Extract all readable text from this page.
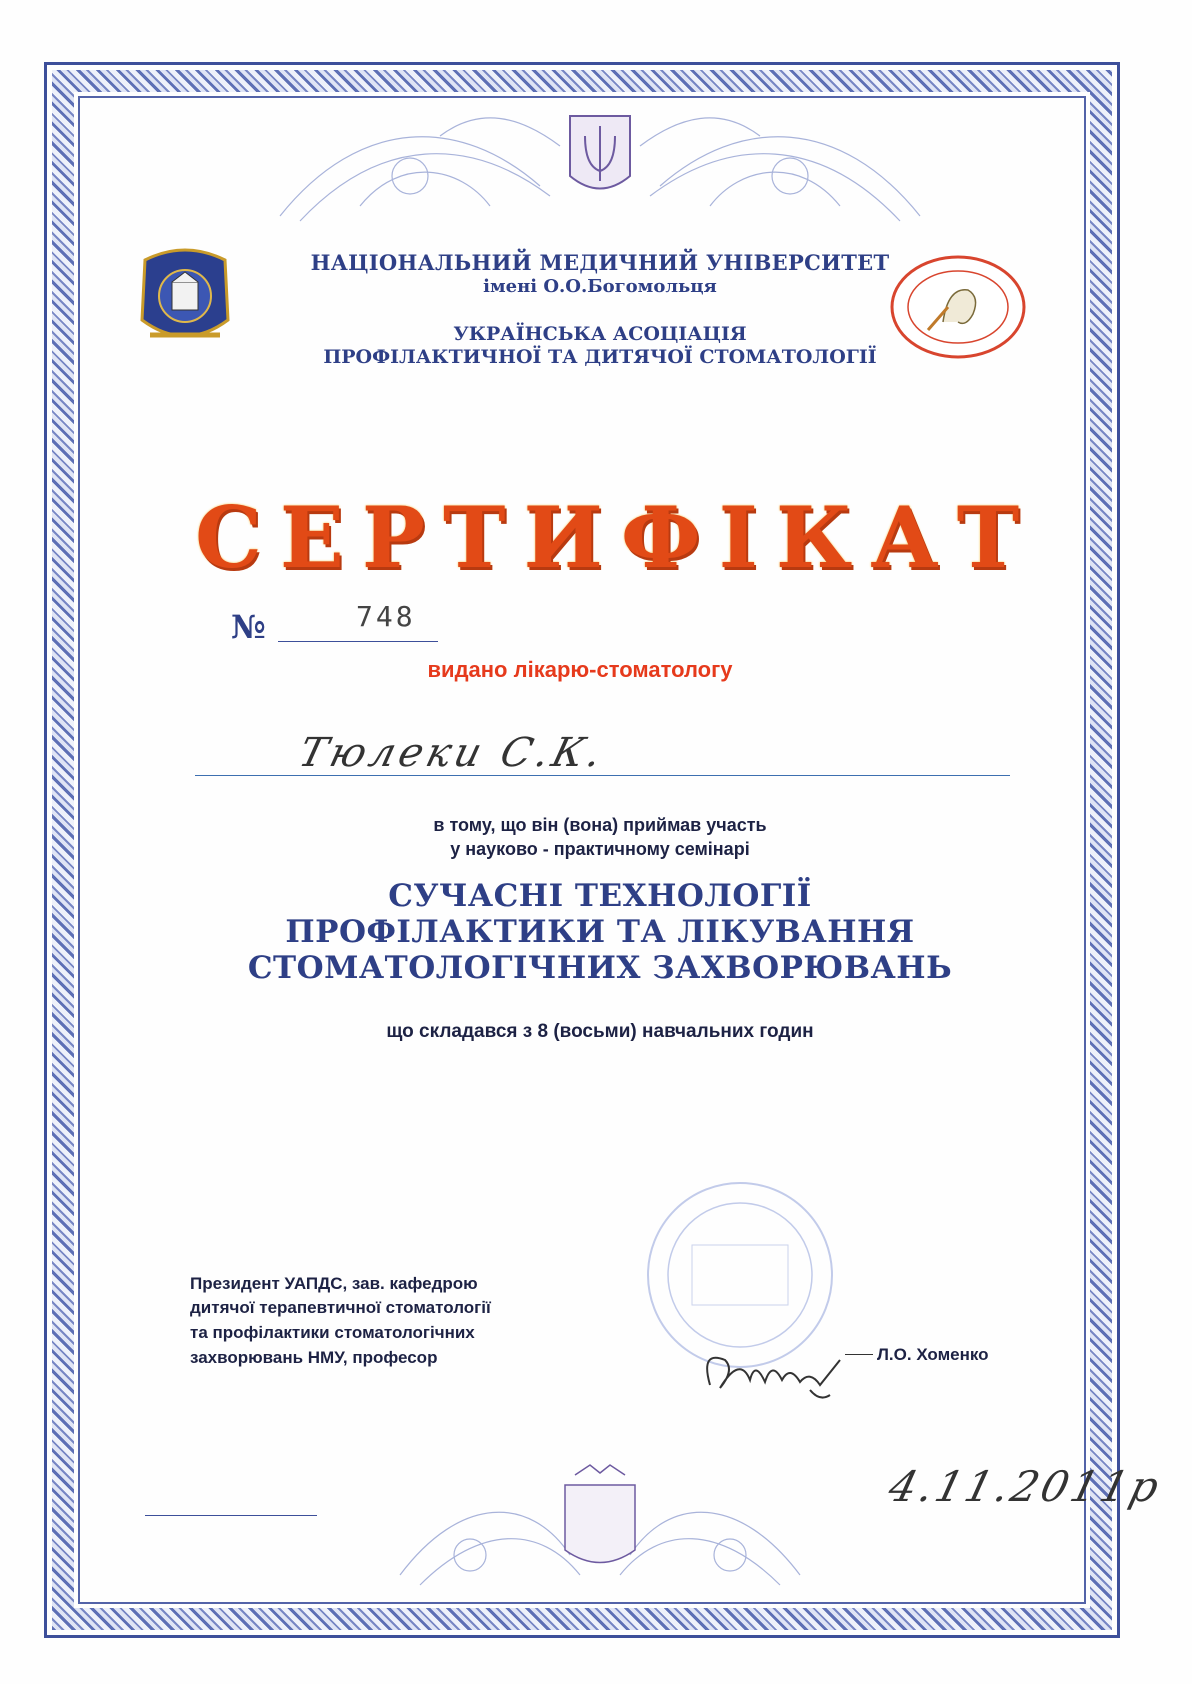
НАЦІОНАЛЬНИЙ МЕДИЧНИЙ УНІВЕРСИТЕТ
імені О.О.Богомольця
УКРАЇНСЬКА АСОЦІАЦІЯ
ПРОФІЛАКТИЧНОЇ ТА ДИТЯЧОЇ СТОМАТОЛОГІЇ
СЕРТИФІКАТ
№	748
видано лікарю-стоматологу
Тюлеки С.К.
в тому, що він (вона) приймав участь
у науково - практичному семінарі
СУЧАСНІ ТЕХНОЛОГІЇ
ПРОФІЛАКТИКИ ТА ЛІКУВАННЯ
СТОМАТОЛОГІЧНИХ ЗАХВОРЮВАНЬ
що складався з 8 (восьми) навчальних годин
Президент УАПДС, зав. кафедрою
дитячої терапевтичної стоматології
та профілактики стоматологічних
захворювань НМУ, професор	Л.О. Хоменко
4.11.2011р
